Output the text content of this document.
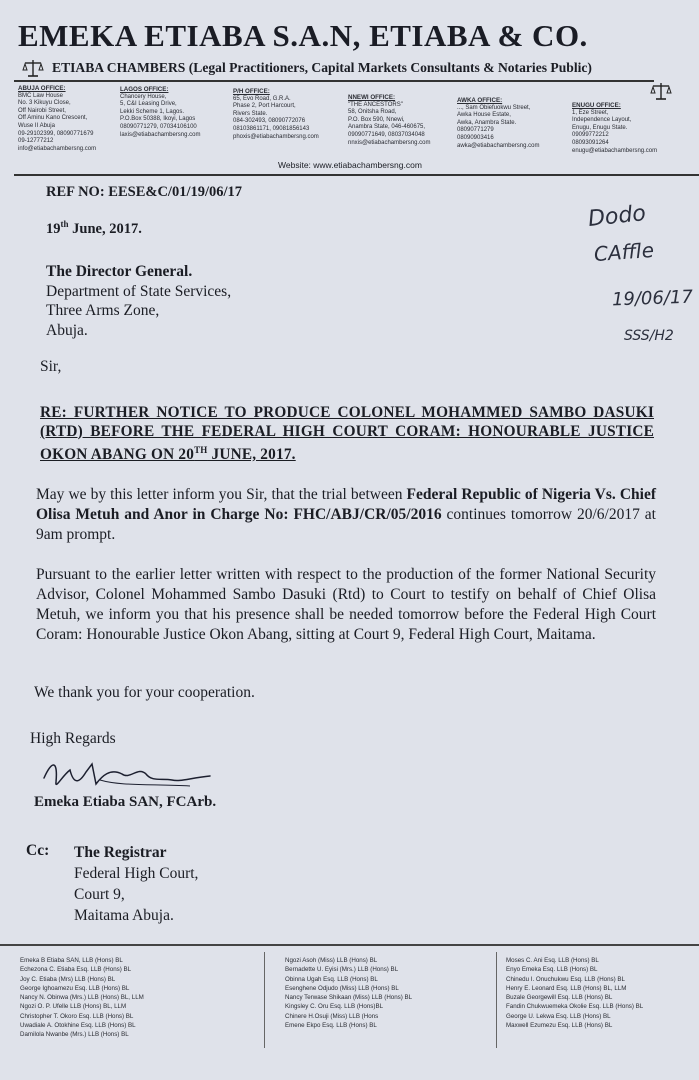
EMEKA ETIABA S.A.N, ETIABA & CO.
ETIABA CHAMBERS (Legal Practitioners, Capital Markets Consultants & Notaries Public)
ABUJA OFFICE:
BMC Law House
No. 3 Kikuyu Close,
Off Nairobi Street,
Off Aminu Kano Crescent,
Wuse II Abuja
09-29102399, 08090771679
09-12777212
info@etiabachambersng.com
LAGOS OFFICE:
Chancery House,
5, C&I Leasing Drive,
Lekki Scheme 1, Lagos.
P.O.Box 50388, Ikoyi, Lagos
08090771279, 07034106100
laxis@etiabachambersng.com
P/H OFFICE:
65, Evo Road, G.R.A.
Phase 2, Port Harcourt,
Rivers State.
084-302493, 08090772076
08103861171, 09081856143
phoxis@etiabachambersng.com
NNEWI OFFICE:
"THE ANCESTORS"
58, Onitsha Road,
P.O. Box 590, Nnewi,
Anambra State, 046-460675,
09090771649, 08037034048
nnxis@etiabachambersng.com
AWKA OFFICE:
..., Sam Obiefuokwu Street,
Awka House Estate,
Awka, Anambra State.
08090771279
08090903416
awka@etiabachambersng.com
ENUGU OFFICE:
1, Eze Street,
Independence Layout,
Enugu, Enugu State.
09099772212
08093091264
enugu@etiabachambersng.com
Website: www.etiabachambersng.com
REF NO: EESE&C/01/19/06/17
19th June, 2017.	Dodo
CAffle
19/06/17
SSS/H2
The Director General.
Department of State Services,
Three Arms Zone,
Abuja.
Sir,
RE: FURTHER NOTICE TO PRODUCE COLONEL MOHAMMED SAMBO DASUKI (RTD) BEFORE THE FEDERAL HIGH COURT CORAM: HONOURABLE JUSTICE OKON ABANG ON 20TH JUNE, 2017.
May we by this letter inform you Sir, that the trial between Federal Republic of Nigeria Vs. Chief Olisa Metuh and Anor in Charge No: FHC/ABJ/CR/05/2016 continues tomorrow 20/6/2017 at 9am prompt.
Pursuant to the earlier letter written with respect to the production of the former National Security Advisor, Colonel Mohammed Sambo Dasuki (Rtd) to Court to testify on behalf of Chief Olisa Metuh, we inform you that his presence shall be needed tomorrow before the Federal High Court Coram: Honourable Justice Okon Abang, sitting at Court 9, Federal High Court, Maitama.
We thank you for your cooperation.
High Regards
Emeka Etiaba SAN, FCArb.
Cc: The Registrar
Federal High Court,
Court 9,
Maitama Abuja.
Emeka B Etiaba SAN, LLB (Hons) BL
Echezona C. Etiaba Esq. LLB (Hons) BL
Joy C. Etiaba (Mrs) LLB (Hons) BL
George Ighoamezu Esq. LLB (Hons) BL
Nancy N. Obinwa (Mrs.) LLB (Hons) BL, LLM
Ngozi O. P. Ufelle LLB (Hons) BL, LLM
Christopher T. Okoro Esq. LLB (Hons) BL
Uwadiale A. Otokhine Esq. LLB (Hons) BL
Damilola Nwanbe (Mrs.) LLB (Hons) BL
Ngozi Asoh (Miss) LLB (Hons) BL
Bernadette U. Eyisi (Mrs.) LLB (Hons) BL
Obinna Ugah Esq. LLB (Hons) BL
Esenghene Odjudo (Miss) LLB (Hons) BL
Nancy Terwase Shikaan (Miss) LLB (Hons) BL
Kingsley C. Oru Esq. LLB (Hons)BL
Chinere H.Osuji (Miss) LLB (Hons
Emene Ekpo Esq. LLB (Hons) BL
Moses C. Ani Esq. LLB (Hons) BL
Enyo Emeka Esq. LLB (Hons) BL
Chinedu I. Onuchukwu Esq. LLB (Hons) BL
Henry E. Leonard Esq. LLB (Hons) BL, LLM
Buzale Georgewill Esq. LLB (Hons) BL
Fandin Chukwuemeka Okolie Esq. LLB (Hons) BL
George U. Lekwa Esq. LLB (Hons) BL
Maxwell Ezumezu Esq. LLB (Hons) BL
